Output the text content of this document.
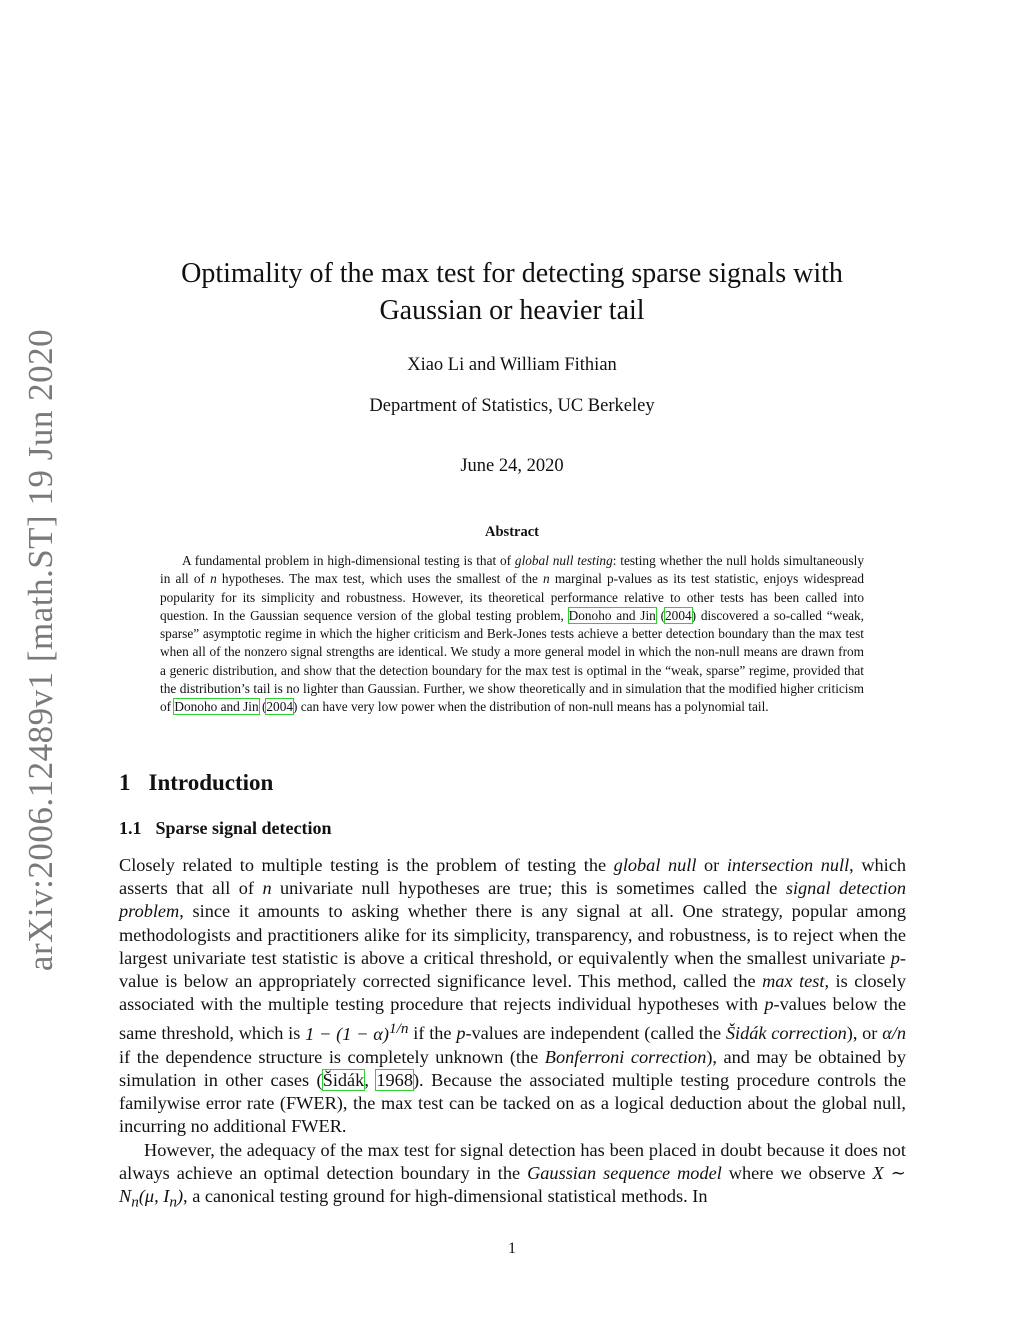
arXiv:2006.12489v1 [math.ST] 19 Jun 2020
Optimality of the max test for detecting sparse signals with
Gaussian or heavier tail
Xiao Li and William Fithian
Department of Statistics, UC Berkeley
June 24, 2020
Abstract
A fundamental problem in high-dimensional testing is that of global null testing: testing whether the null holds simultaneously in all of n hypotheses. The max test, which uses the smallest of the n marginal p-values as its test statistic, enjoys widespread popularity for its simplicity and robustness. However, its theoretical performance relative to other tests has been called into question. In the Gaussian sequence version of the global testing problem, Donoho and Jin (2004) discovered a so-called “weak, sparse” asymptotic regime in which the higher criticism and Berk-Jones tests achieve a better detection boundary than the max test when all of the nonzero signal strengths are identical. We study a more general model in which the non-null means are drawn from a generic distribution, and show that the detection boundary for the max test is optimal in the “weak, sparse” regime, provided that the distribution’s tail is no lighter than Gaussian. Further, we show theoretically and in simulation that the modified higher criticism of Donoho and Jin (2004) can have very low power when the distribution of non-null means has a polynomial tail.
1 Introduction
1.1 Sparse signal detection

Closely related to multiple testing is the problem of testing the global null or intersection null, which asserts that all of n univariate null hypotheses are true; this is sometimes called the signal detection problem, since it amounts to asking whether there is any signal at all. One strategy, popular among methodologists and practitioners alike for its simplicity, transparency, and robustness, is to reject when the largest univariate test statistic is above a critical threshold, or equivalently when the smallest univariate p-value is below an appropriately corrected significance level. This method, called the max test, is closely associated with the multiple testing procedure that rejects individual hypotheses with p-values below the same threshold, which is $1 - (1 - \alpha)^{1/n}$ if the p-values are independent (called the Šidák correction), or α/n if the dependence structure is completely unknown (the Bonferroni correction), and may be obtained by simulation in other cases (Šidák, 1968). Because the associated multiple testing procedure controls the familywise error rate (FWER), the max test can be tacked on as a logical deduction about the global null, incurring no additional FWER.

However, the adequacy of the max test for signal detection has been placed in doubt because it does not always achieve an optimal detection boundary in the Gaussian sequence model where we observe X ∼ $N_n(\mu$, $I_n$), a canonical testing ground for high-dimensional statistical methods. In

1
